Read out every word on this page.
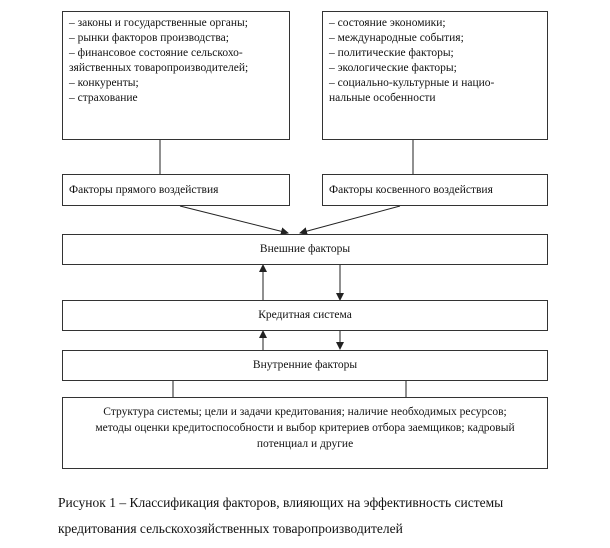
– законы и государственные органы;
– рынки факторов производства;
– финансовое состояние сельскохо-
зяйственных товаропроизводителей;
– конкуренты;
– страхование
– состояние экономики;
– международные события;
– политические факторы;
– экологические факторы;
– социально-культурные и нацио-
нальные особенности
Факторы прямого воздействия	Факторы косвенного воздействия
Внешние факторы
Кредитная система
Внутренние факторы
Структура системы; цели и задачи кредитования; наличие необходимых ресурсов;
методы оценки кредитоспособности и выбор критериев отбора заемщиков; кадровый
потенциал и другие
Рисунок 1 – Классификация факторов, влияющих на эффективность системы
кредитования сельскохозяйственных товаропроизводителей
